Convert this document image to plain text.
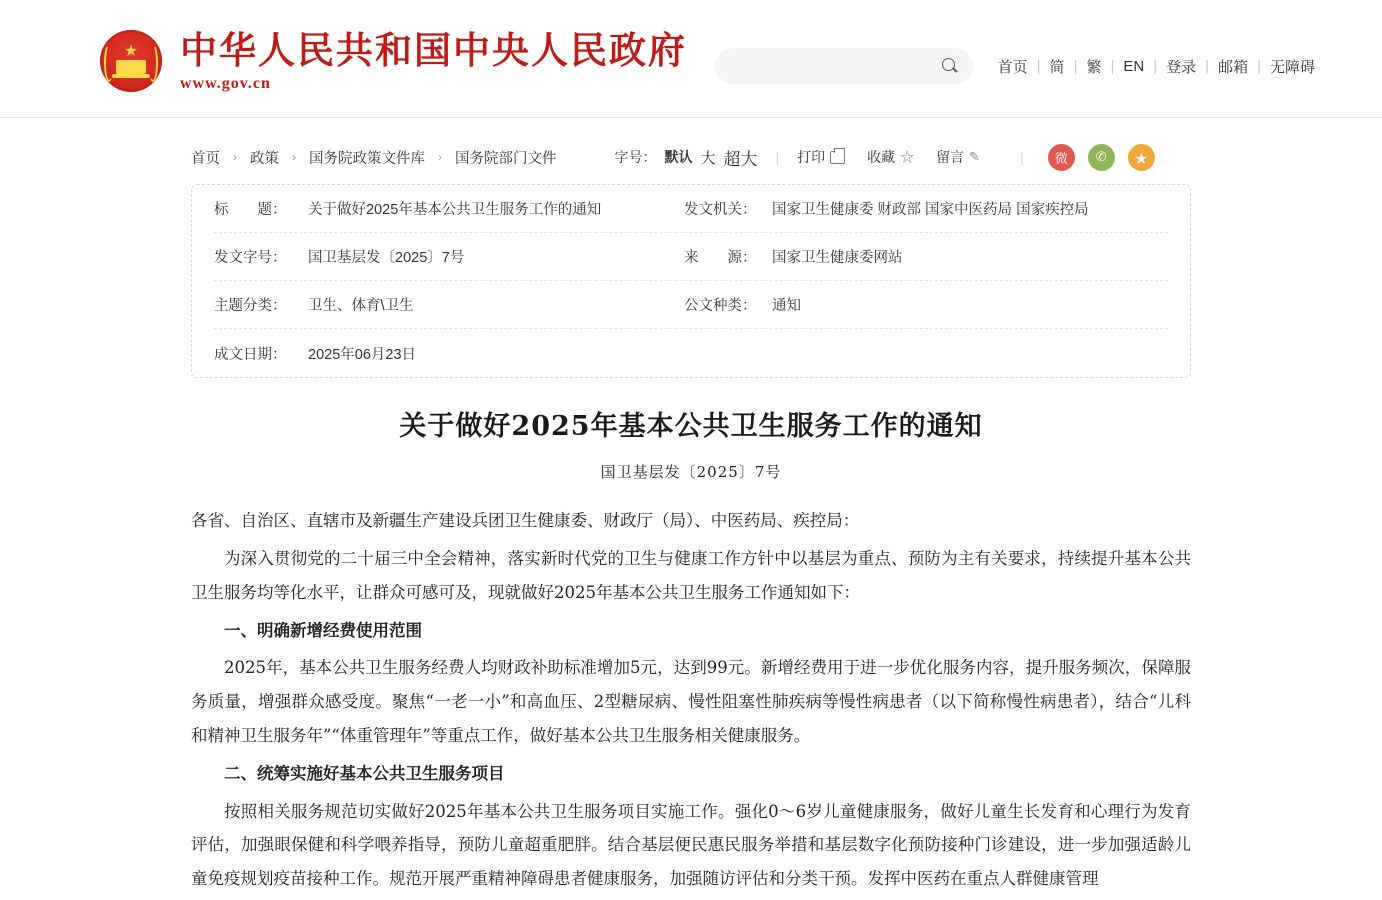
★ 中华人民共和国中央人民政府
www.gov.cn
首页 | 简 | 繁 | EN | 登录 | 邮箱 | 无障碍
首页 › 政策 › 国务院政策文件库 › 国务院部门文件	字号： 默认 大 超大 | 打印	收藏 ☆ 留言 ✎	|	微	✆	★
标　　题：	关于做好2025年基本公共卫生服务工作的通知	发文机关： 国家卫生健康委 财政部 国家中医药局 国家疾控局
发文字号：	国卫基层发〔2025〕7号	来　　源： 国家卫生健康委网站
主题分类：	卫生、体育\卫生	公文种类： 通知
成文日期：	2025年06月23日
关于做好2025年基本公共卫生服务工作的通知
国卫基层发〔2025〕7号

各省、自治区、直辖市及新疆生产建设兵团卫生健康委、财政厅（局）、中医药局、疾控局：

为深入贯彻党的二十届三中全会精神，落实新时代党的卫生与健康工作方针中以基层为重点、预防为主有关要求，持续提升基本公共卫生服务均等化水平，让群众可感可及，现就做好2025年基本公共卫生服务工作通知如下：

一、明确新增经费使用范围

2025年，基本公共卫生服务经费人均财政补助标准增加5元，达到99元。新增经费用于进一步优化服务内容，提升服务频次，保障服务质量，增强群众感受度。聚焦“一老一小”和高血压、2型糖尿病、慢性阻塞性肺疾病等慢性病患者（以下简称慢性病患者），结合“儿科和精神卫生服务年”“体重管理年”等重点工作，做好基本公共卫生服务相关健康服务。

二、统筹实施好基本公共卫生服务项目

按照相关服务规范切实做好2025年基本公共卫生服务项目实施工作。强化0～6岁儿童健康服务，做好儿童生长发育和心理行为发育评估，加强眼保健和科学喂养指导，预防儿童超重肥胖。结合基层便民惠民服务举措和基层数字化预防接种门诊建设，进一步加强适龄儿童免疫规划疫苗接种工作。规范开展严重精神障碍患者健康服务，加强随访评估和分类干预。发挥中医药在重点人群健康管理
